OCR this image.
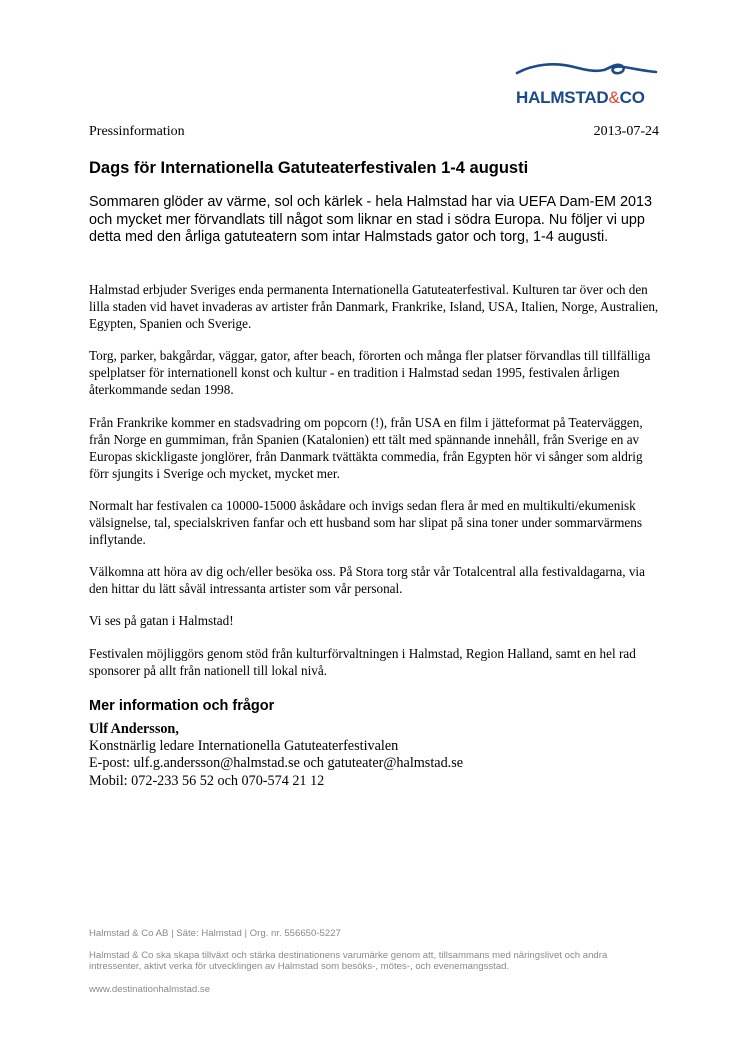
HALMSTAD&CO
Pressinformation	2013-07-24
Dags för Internationella Gatuteaterfestivalen 1-4 augusti

Sommaren glöder av värme, sol och kärlek - hela Halmstad har via UEFA Dam-EM 2013 och mycket mer förvandlats till något som liknar en stad i södra Europa. Nu följer vi upp detta med den årliga gatuteatern som intar Halmstads gator och torg, 1-4 augusti.

Halmstad erbjuder Sveriges enda permanenta Internationella Gatuteaterfestival. Kulturen tar över och den lilla staden vid havet invaderas av artister från Danmark, Frankrike, Island, USA, Italien, Norge, Australien, Egypten, Spanien och Sverige.

Torg, parker, bakgårdar, väggar, gator, after beach, förorten och många fler platser förvandlas till tillfälliga spelplatser för internationell konst och kultur - en tradition i Halmstad sedan 1995, festivalen årligen återkommande sedan 1998.

Från Frankrike kommer en stadsvadring om popcorn (!), från USA en film i jätteformat på Teaterväggen, från Norge en gummiman, från Spanien (Katalonien) ett tält med spännande innehåll, från Sverige en av Europas skickligaste jonglörer, från Danmark tvättäkta commedia, från Egypten hör vi sånger som aldrig förr sjungits i Sverige och mycket, mycket mer.

Normalt har festivalen ca 10000-15000 åskådare och invigs sedan flera år med en multikulti/ekumenisk välsignelse, tal, specialskriven fanfar och ett husband som har slipat på sina toner under sommarvärmens inflytande.

Välkomna att höra av dig och/eller besöka oss. På Stora torg står vår Totalcentral alla festivaldagarna, via den hittar du lätt såväl intressanta artister som vår personal.

Vi ses på gatan i Halmstad!

Festivalen möjliggörs genom stöd från kulturförvaltningen i Halmstad, Region Halland, samt en hel rad sponsorer på allt från nationell till lokal nivå.

Mer information och frågor
Ulf Andersson,
Konstnärlig ledare Internationella Gatuteaterfestivalen
E-post: ulf.g.andersson@halmstad.se och gatuteater@halmstad.se
Mobil: 072-233 56 52 och 070-574 21 12

Halmstad & Co AB | Säte: Halmstad | Org. nr. 556650-5227

Halmstad & Co ska skapa tillväxt och stärka destinationens varumärke genom att, tillsammans med näringslivet och andra intressenter, aktivt verka för utvecklingen av Halmstad som besöks-, mötes-, och evenemangsstad.

www.destinationhalmstad.se
